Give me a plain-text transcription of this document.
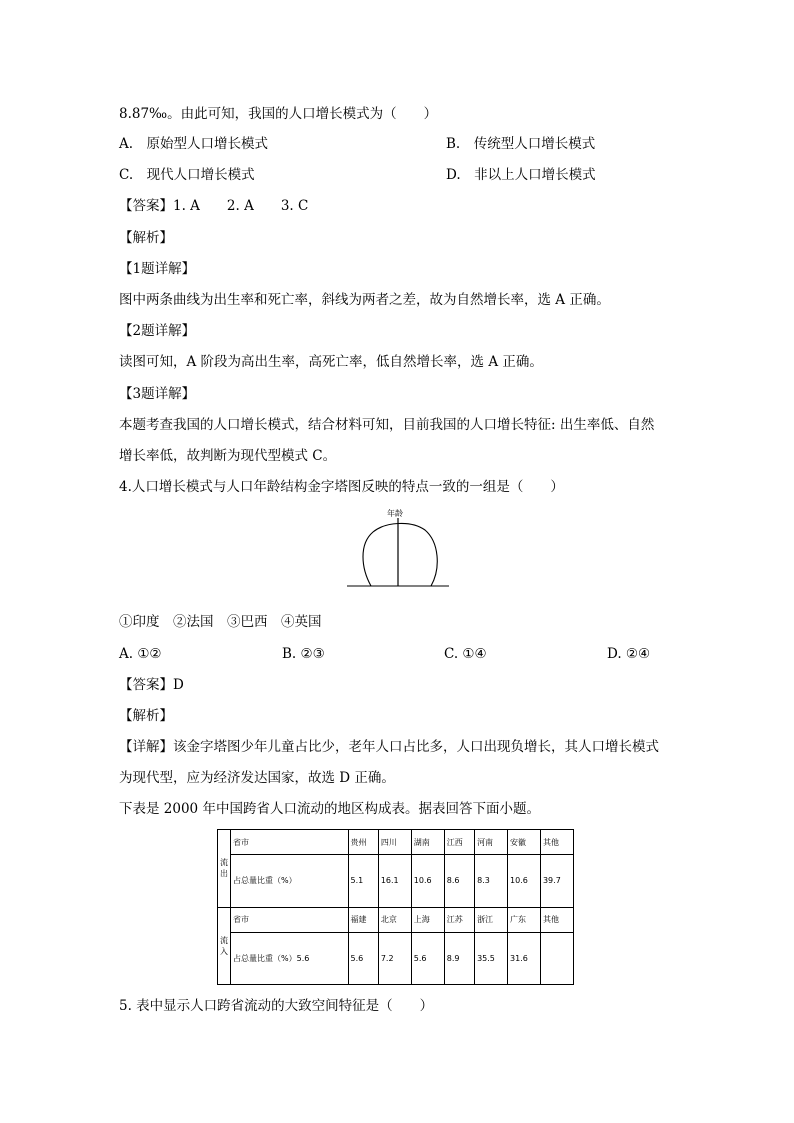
8.87‰。由此可知，我国的人口增长模式为（　　）
A.　原始型人口增长模式	B.　传统型人口增长模式
C.　现代人口增长模式	D.　非以上人口增长模式
【答案】1. A　　2. A　　3. C
【解析】
【1题详解】
图中两条曲线为出生率和死亡率，斜线为两者之差，故为自然增长率，选 A 正确。
【2题详解】
读图可知，A 阶段为高出生率，高死亡率，低自然增长率，选 A 正确。
【3题详解】
本题考查我国的人口增长模式，结合材料可知，目前我国的人口增长特征: 出生率低、自然
增长率低，故判断为现代型模式 C。
4.人口增长模式与人口年龄结构金字塔图反映的特点一致的一组是（　　）
年龄
①印度　②法国　③巴西　④英国
A. ①②	B. ②③	C. ①④	D. ②④
【答案】D
【解析】
【详解】该金字塔图少年儿童占比少，老年人口占比多，人口出现负增长，其人口增长模式
为现代型，应为经济发达国家，故选 D 正确。
下表是 2000 年中国跨省人口流动的地区构成表。据表回答下面小题。
流出	省市	贵州	四川	湖南	江西	河南	安徽	其他
	占总量比重（%）	5.1	16.1	10.6	8.6	8.3	10.6	39.7
流入	省市	福建	北京	上海	江苏	浙江	广东	其他
	占总量比重（%）5.6	5.6	7.2	5.6	8.9	35.5	31.6	
5. 表中显示人口跨省流动的大致空间特征是（　　）
